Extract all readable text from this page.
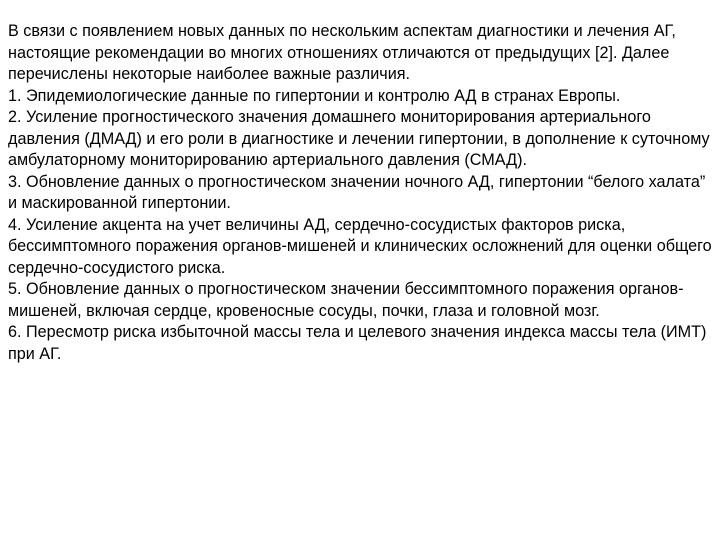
В связи с появлением новых данных по нескольким аспектам диагностики и лечения АГ, настоящие рекомендации во многих отношениях отличаются от предыдущих [2]. Далее перечислены некоторые наиболее важные различия.

1. Эпидемиологические данные по гипертонии и контролю АД в странах Европы.

2. Усиление прогностического значения домашнего мониторирования артериального давления (ДМАД) и его роли в диагностике и лечении гипертонии, в дополнение к суточному амбулаторному мониторированию артериального давления (СМАД).

3. Обновление данных о прогностическом значении ночного АД, гипертонии “белого халата” и маскированной гипертонии.

4. Усиление акцента на учет величины АД, сердечно-сосудистых факторов риска, бессимптомного поражения органов-мишеней и клинических осложнений для оценки общего сердечно-сосудистого риска.

5. Обновление данных о прогностическом значении бессимптомного поражения органов-мишеней, включая сердце, кровеносные сосуды, почки, глаза и головной мозг.

6. Пересмотр риска избыточной массы тела и целевого значения индекса массы тела (ИМТ) при АГ.
